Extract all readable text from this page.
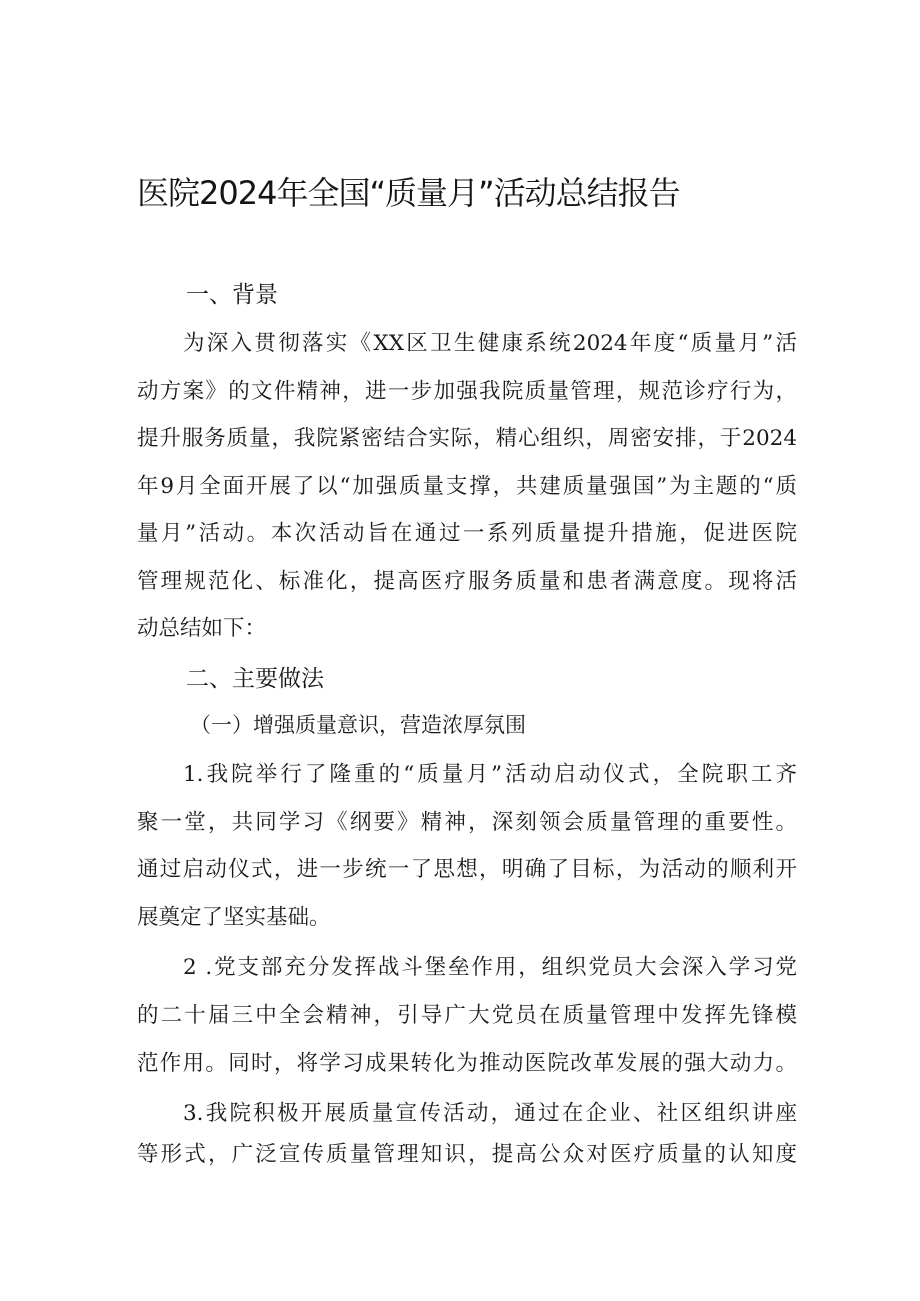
医院2024年全国“质量月”活动总结报告
一、背景
为深入贯彻落实《XX区卫生健康系统2024年度“质量月”活
动方案》的文件精神，进一步加强我院质量管理，规范诊疗行为，
提升服务质量，我院紧密结合实际，精心组织，周密安排，于2024
年9月全面开展了以“加强质量支撑，共建质量强国”为主题的“质
量月”活动。本次活动旨在通过一系列质量提升措施，促进医院
管理规范化、标准化，提高医疗服务质量和患者满意度。现将活
动总结如下：
二、主要做法
（一）增强质量意识，营造浓厚氛围
1.我院举行了隆重的“质量月”活动启动仪式，全院职工齐
聚一堂，共同学习《纲要》精神，深刻领会质量管理的重要性。
通过启动仪式，进一步统一了思想，明确了目标，为活动的顺利开
展奠定了坚实基础。
2 .党支部充分发挥战斗堡垒作用，组织党员大会深入学习党
的二十届三中全会精神，引导广大党员在质量管理中发挥先锋模
范作用。同时，将学习成果转化为推动医院改革发展的强大动力。
3.我院积极开展质量宣传活动，通过在企业、社区组织讲座
等形式，广泛宣传质量管理知识，提高公众对医疗质量的认知度
